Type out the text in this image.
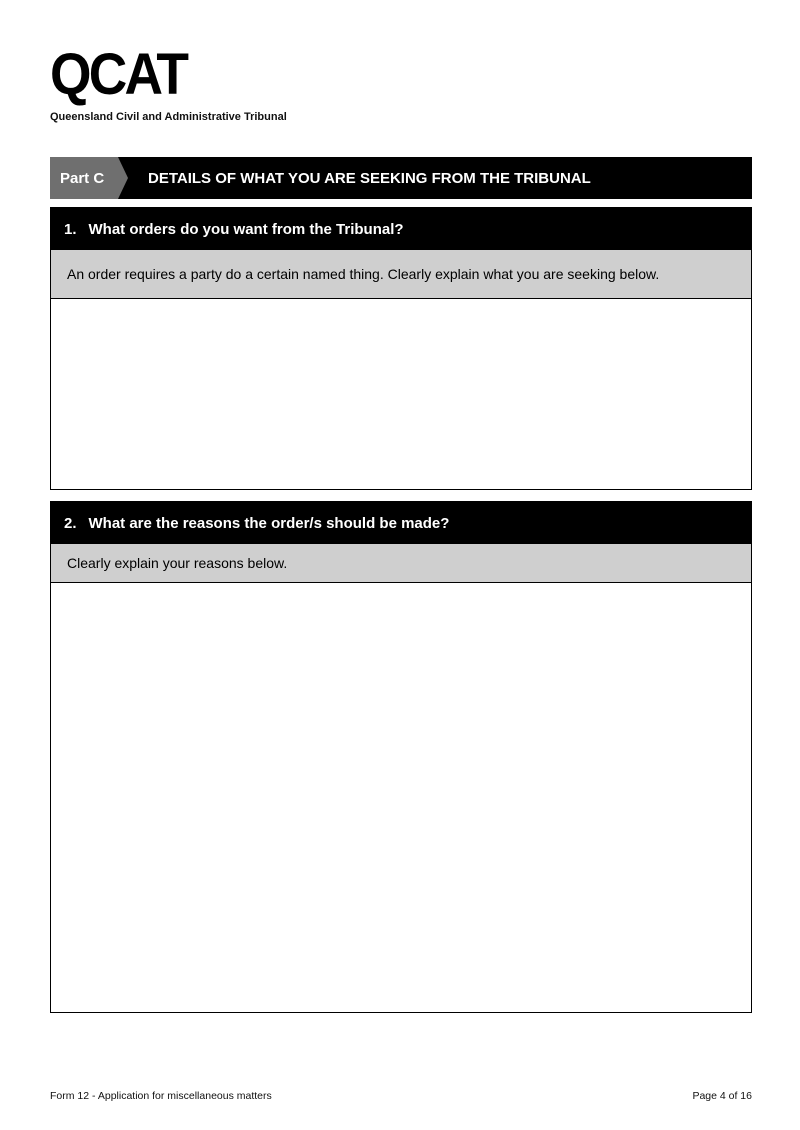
QCAT
Queensland Civil and Administrative Tribunal
Part C	DETAILS OF WHAT YOU ARE SEEKING FROM THE TRIBUNAL
1. What orders do you want from the Tribunal?
An order requires a party do a certain named thing. Clearly explain what you are seeking below.
2. What are the reasons the order/s should be made?
Clearly explain your reasons below.
Form 12 - Application for miscellaneous matters	Page 4 of 16
